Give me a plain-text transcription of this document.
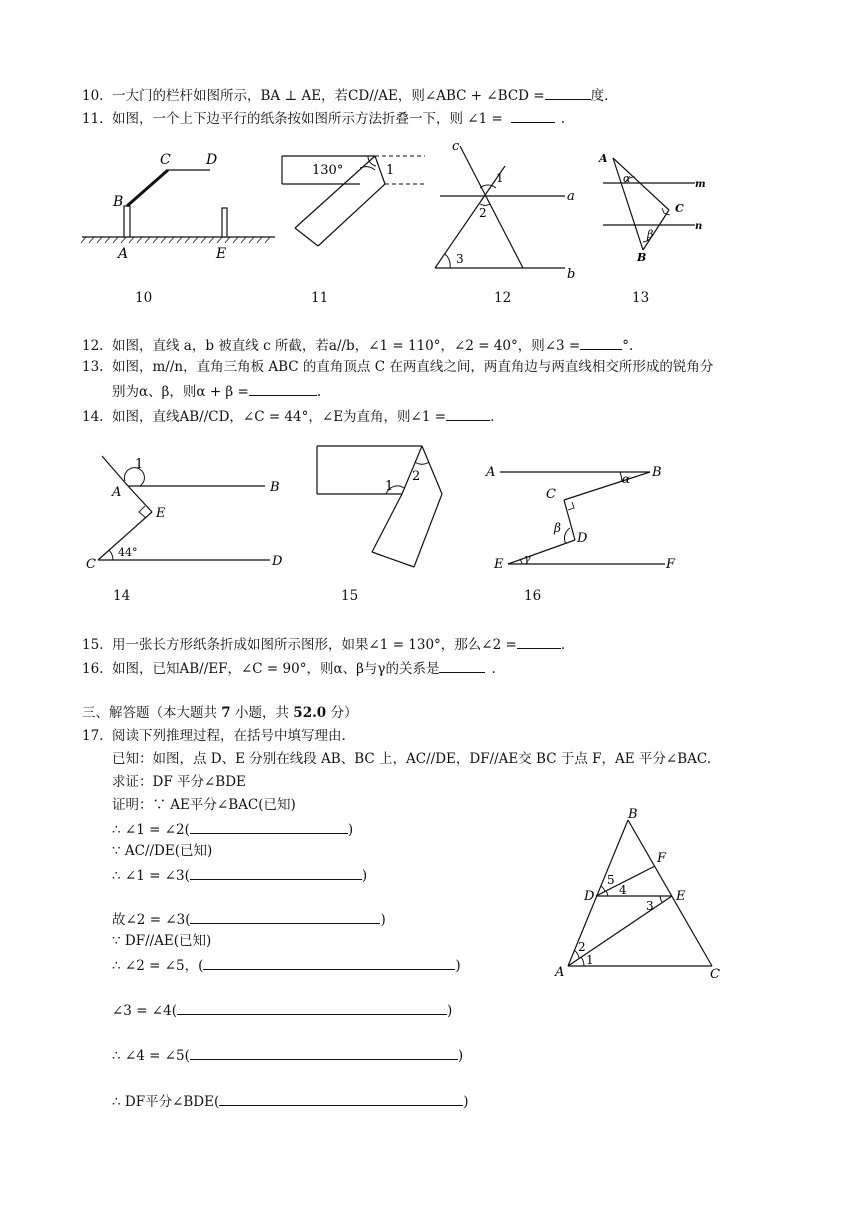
10. 一大门的栏杆如图所示，BA ⊥ AE，若CD//AE，则∠ABC + ∠BCD =	度.
11. 如图，一个上下边平行的纸条按如图所示方法折叠一下，则 ∠1 =	.
B
C	D
A	E
130°	1
c
a
b
1
2
3
A
B
C
m
n
α
β
10	11	12	13
12. 如图，直线 a，b 被直线 c 所截，若a//b，∠1 = 110°，∠2 = 40°，则∠3 =	°.
13. 如图，m//n，直角三角板 ABC 的直角顶点 C 在两直线之间，两直角边与两直线相交所形成的锐角分
别为α、β，则α + β =	.
14. 如图，直线AB//CD，∠C = 44°，∠E为直角，则∠1 =	.
1
A	B
E
C	D
44°
1
2	A	B
C
D
E	F
α
β
γ
14	15	16
15. 用一张长方形纸条折成如图所示图形，如果∠1 = 130°，那么∠2 =	.
16. 如图，已知AB//EF，∠C = 90°，则α、β与γ的关系是	.
三、解答题（本大题共 7 小题，共 52.0 分）
17. 阅读下列推理过程，在括号中填写理由.
已知：如图，点 D、E 分别在线段 AB、BC 上，AC//DE，DF//AE交 BC 于点 F，AE 平分∠BAC.
求证：DF 平分∠BDE
证明：∵ AE平分∠BAC(已知)
∴ ∠1 = ∠2(	)
∵ AC//DE(已知)
∴ ∠1 = ∠3(	)
故∠2 = ∠3(	)
∵ DF//AE(已知)
∴ ∠2 = ∠5，(	)
∠3 = ∠4(	)
∴ ∠4 = ∠5(	)
∴ DF平分∠BDE(	)
B
F
D	E
A	C
1
2
3
4
5
